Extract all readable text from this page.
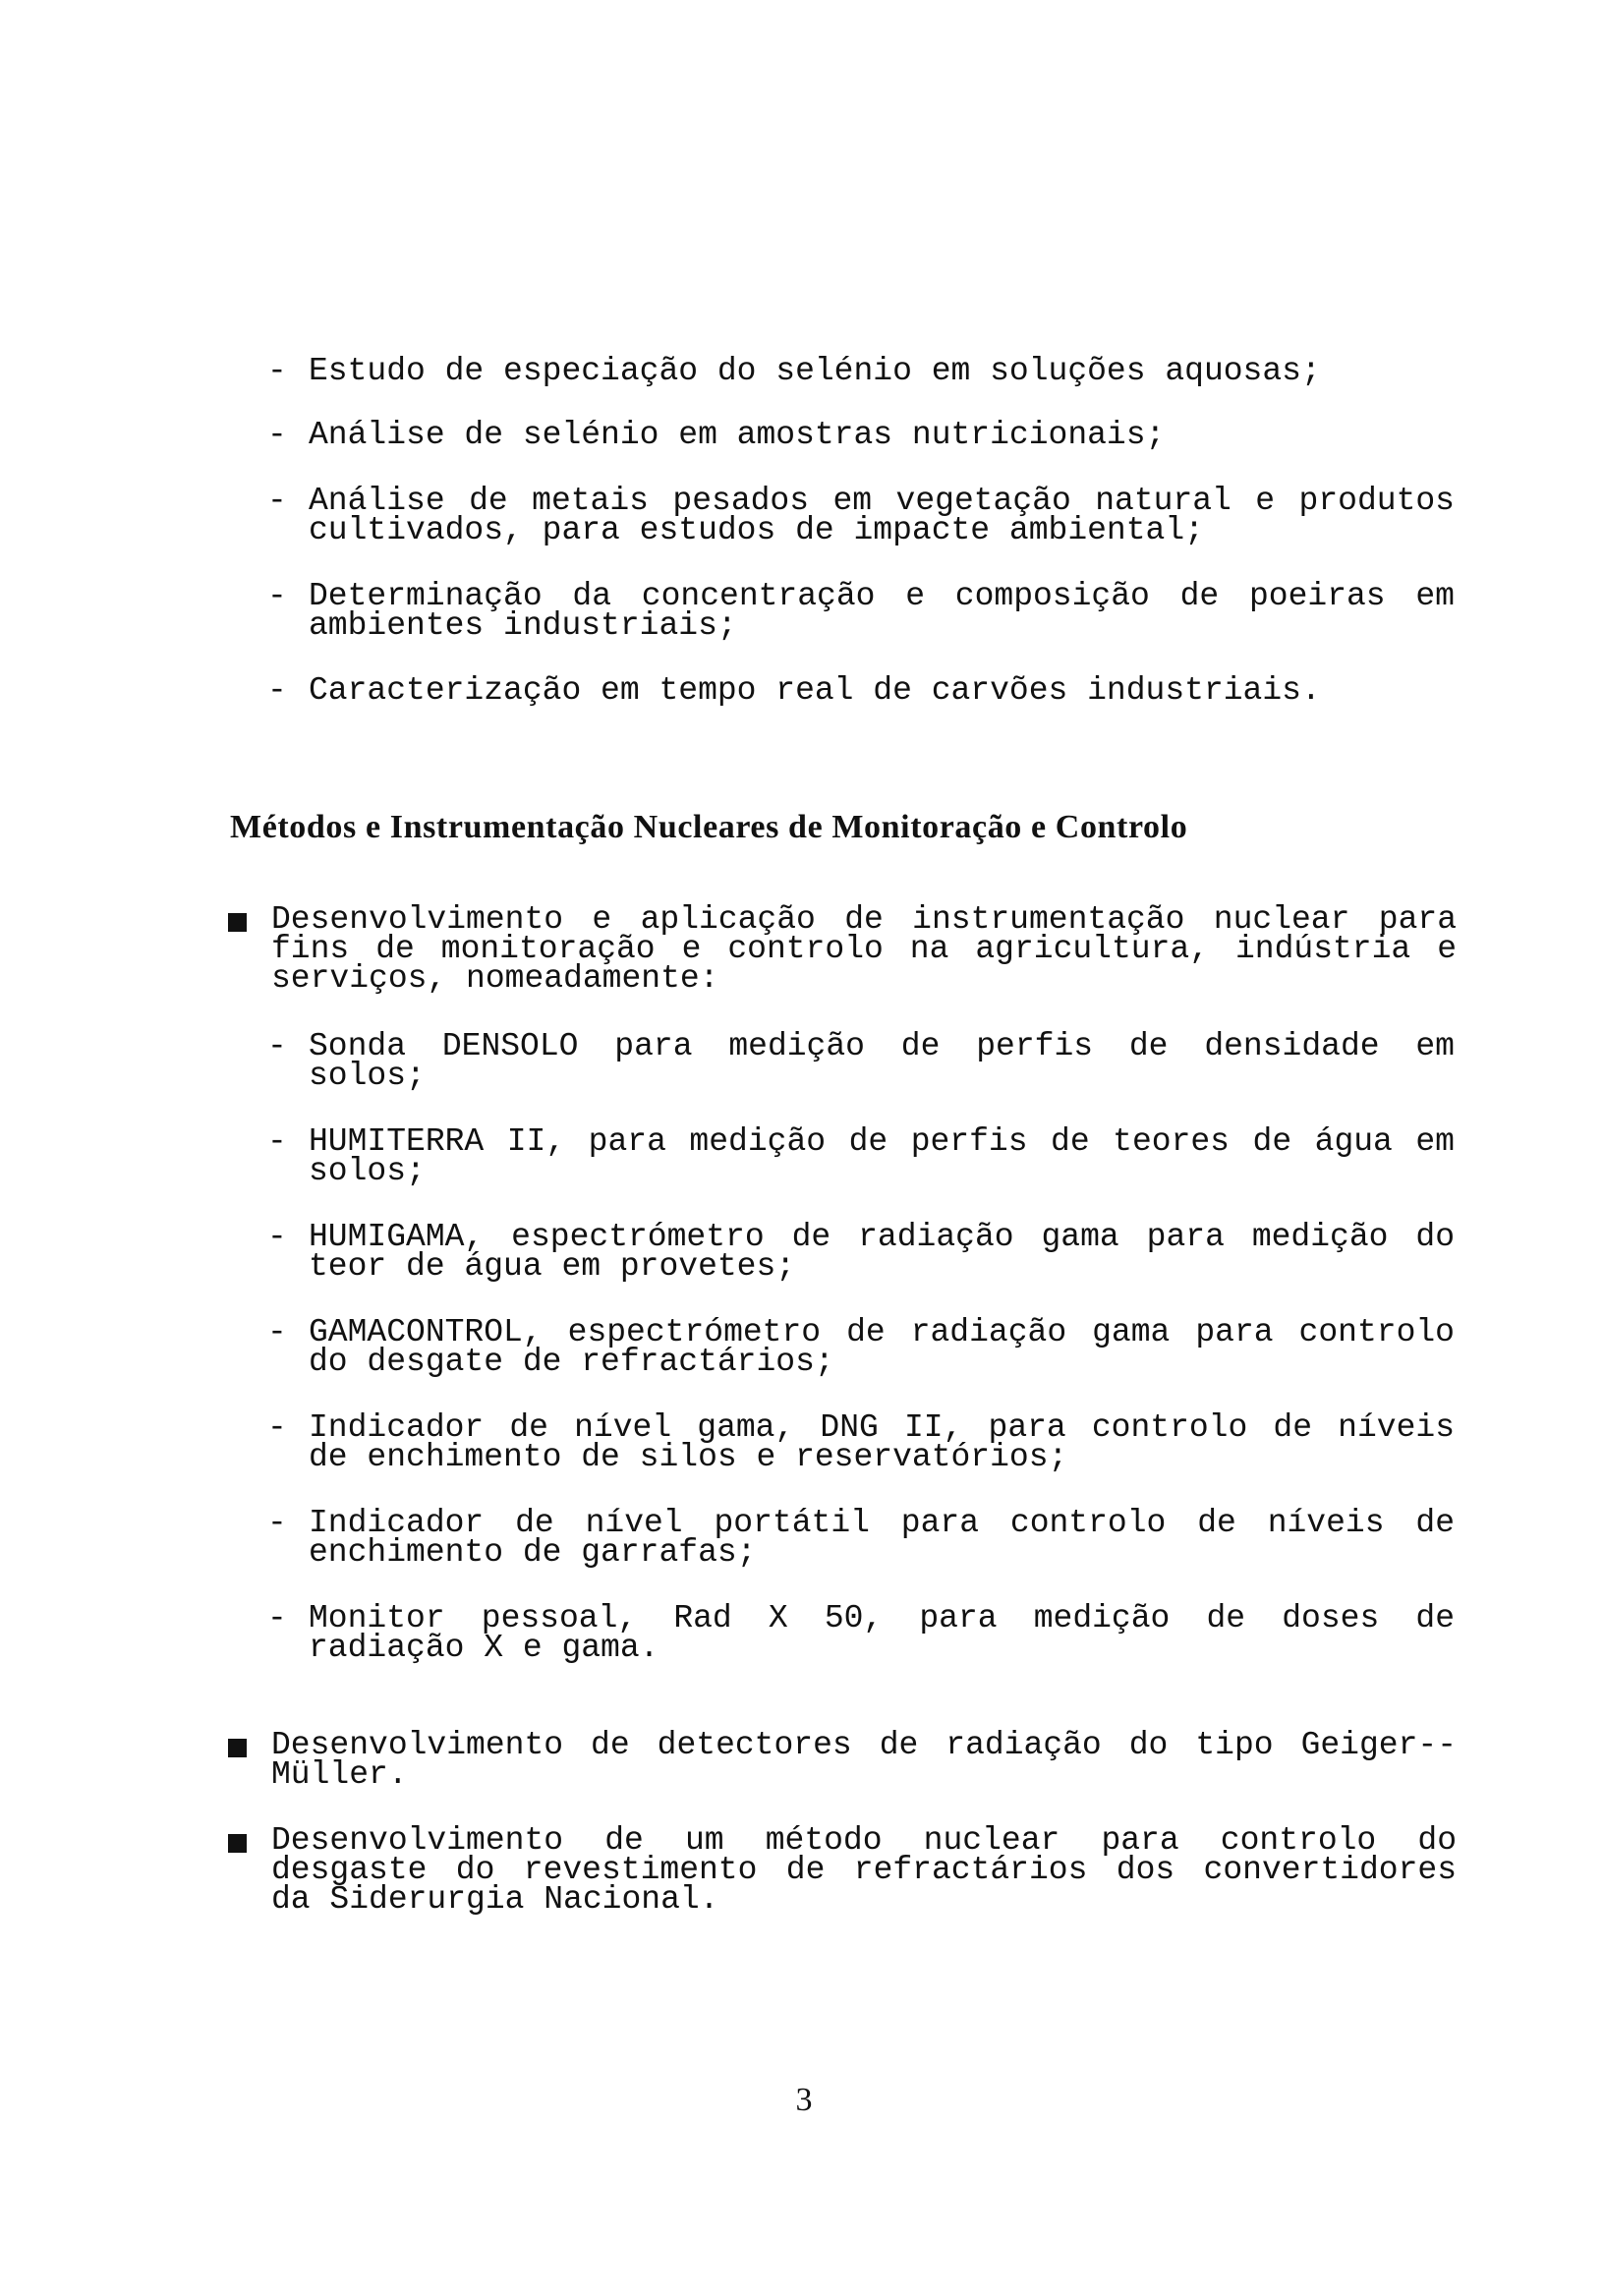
- Estudo de especiação do selénio em soluções aquosas;
- Análise de selénio em amostras nutricionais;
- Análise de metais pesados em vegetação natural e produtos cultivados, para estudos de impacte ambiental;
- Determinação da concentração e composição de poeiras em ambientes industriais;
- Caracterização em tempo real de carvões industriais.
Métodos e Instrumentação Nucleares de Monitoração e Controlo
Desenvolvimento e aplicação de instrumentação nuclear para fins de monitoração e controlo na agricultura, indústria e serviços, nomeadamente:
- Sonda DENSOLO para medição de perfis de densidade em solos;
- HUMITERRA II, para medição de perfis de teores de água em solos;
- HUMIGAMA, espectrómetro de radiação gama para medição do teor de água em provetes;
- GAMACONTROL, espectrómetro de radiação gama para controlo do desgate de refractários;
- Indicador de nível gama, DNG II, para controlo de níveis de enchimento de silos e reservatórios;
- Indicador de nível portátil para controlo de níveis de enchimento de garrafas;
- Monitor pessoal, Rad X 50, para medição de doses de radiação X e gama.
Desenvolvimento de detectores de radiação do tipo Geiger--Müller.
Desenvolvimento de um método nuclear para controlo do desgaste do revestimento de refractários dos convertidores da Siderurgia Nacional.
3
